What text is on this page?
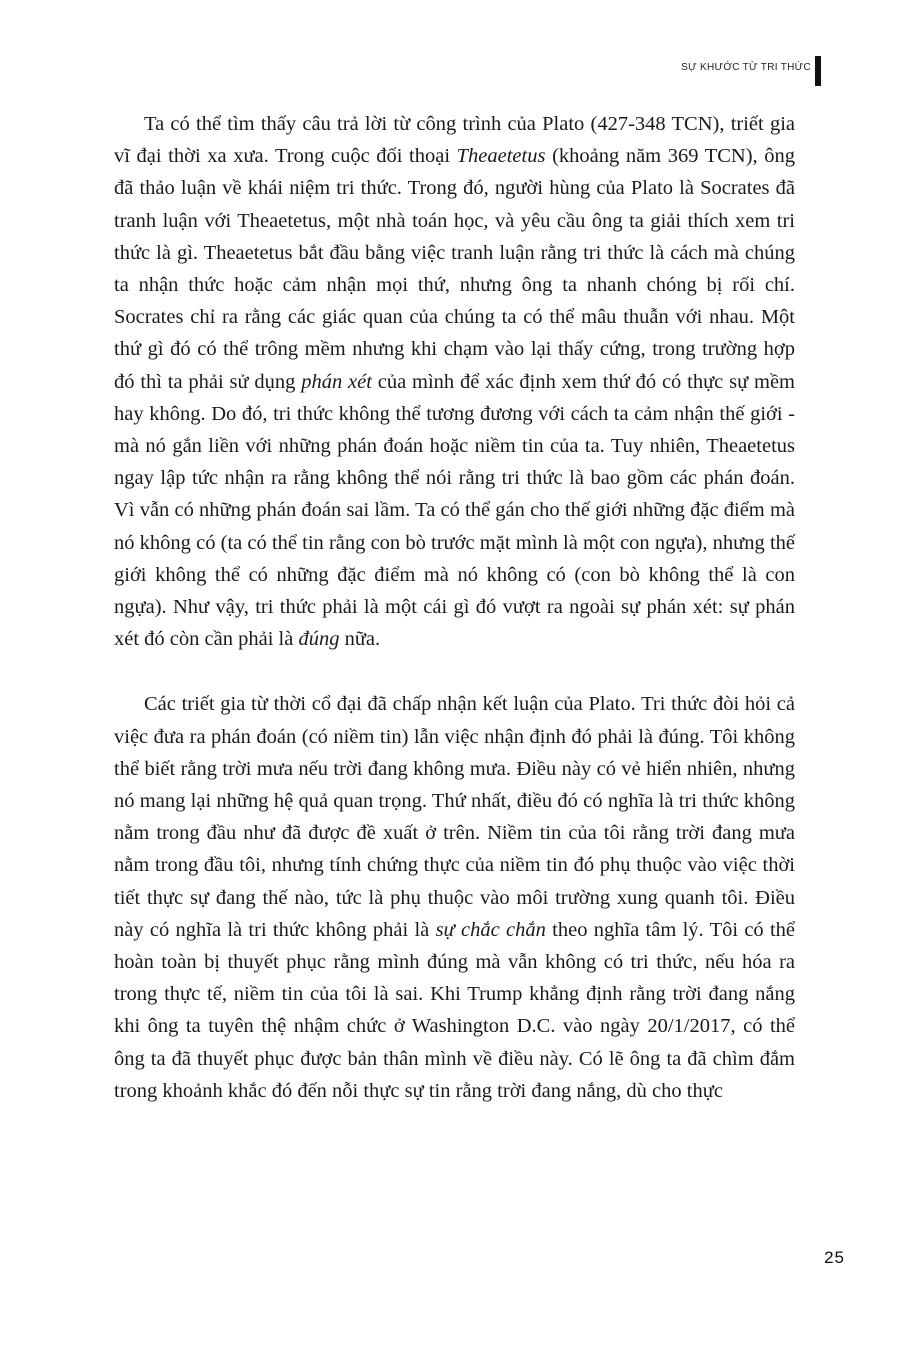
SỰ KHƯỚC TỪ TRI THỨC

Ta có thể tìm thấy câu trả lời từ công trình của Plato (427-348 TCN), triết gia vĩ đại thời xa xưa. Trong cuộc đối thoại Theaetetus (khoảng năm 369 TCN), ông đã thảo luận về khái niệm tri thức. Trong đó, người hùng của Plato là Socrates đã tranh luận với Theaetetus, một nhà toán học, và yêu cầu ông ta giải thích xem tri thức là gì. Theaetetus bắt đầu bằng việc tranh luận rằng tri thức là cách mà chúng ta nhận thức hoặc cảm nhận mọi thứ, nhưng ông ta nhanh chóng bị rối chí. Socrates chỉ ra rằng các giác quan của chúng ta có thể mâu thuẫn với nhau. Một thứ gì đó có thể trông mềm nhưng khi chạm vào lại thấy cứng, trong trường hợp đó thì ta phải sử dụng phán xét của mình để xác định xem thứ đó có thực sự mềm hay không. Do đó, tri thức không thể tương đương với cách ta cảm nhận thế giới - mà nó gắn liền với những phán đoán hoặc niềm tin của ta. Tuy nhiên, Theaetetus ngay lập tức nhận ra rằng không thể nói rằng tri thức là bao gồm các phán đoán. Vì vẫn có những phán đoán sai lầm. Ta có thể gán cho thế giới những đặc điểm mà nó không có (ta có thể tin rằng con bò trước mặt mình là một con ngựa), nhưng thế giới không thể có những đặc điểm mà nó không có (con bò không thể là con ngựa). Như vậy, tri thức phải là một cái gì đó vượt ra ngoài sự phán xét: sự phán xét đó còn cần phải là đúng nữa.

Các triết gia từ thời cổ đại đã chấp nhận kết luận của Plato. Tri thức đòi hỏi cả việc đưa ra phán đoán (có niềm tin) lẫn việc nhận định đó phải là đúng. Tôi không thể biết rằng trời mưa nếu trời đang không mưa. Điều này có vẻ hiển nhiên, nhưng nó mang lại những hệ quả quan trọng. Thứ nhất, điều đó có nghĩa là tri thức không nằm trong đầu như đã được đề xuất ở trên. Niềm tin của tôi rằng trời đang mưa nằm trong đầu tôi, nhưng tính chứng thực của niềm tin đó phụ thuộc vào việc thời tiết thực sự đang thế nào, tức là phụ thuộc vào môi trường xung quanh tôi. Điều này có nghĩa là tri thức không phải là sự chắc chắn theo nghĩa tâm lý. Tôi có thể hoàn toàn bị thuyết phục rằng mình đúng mà vẫn không có tri thức, nếu hóa ra trong thực tế, niềm tin của tôi là sai. Khi Trump khẳng định rằng trời đang nắng khi ông ta tuyên thệ nhậm chức ở Washington D.C. vào ngày 20/1/2017, có thể ông ta đã thuyết phục được bản thân mình về điều này. Có lẽ ông ta đã chìm đắm trong khoảnh khắc đó đến nỗi thực sự tin rằng trời đang nắng, dù cho thực

25
